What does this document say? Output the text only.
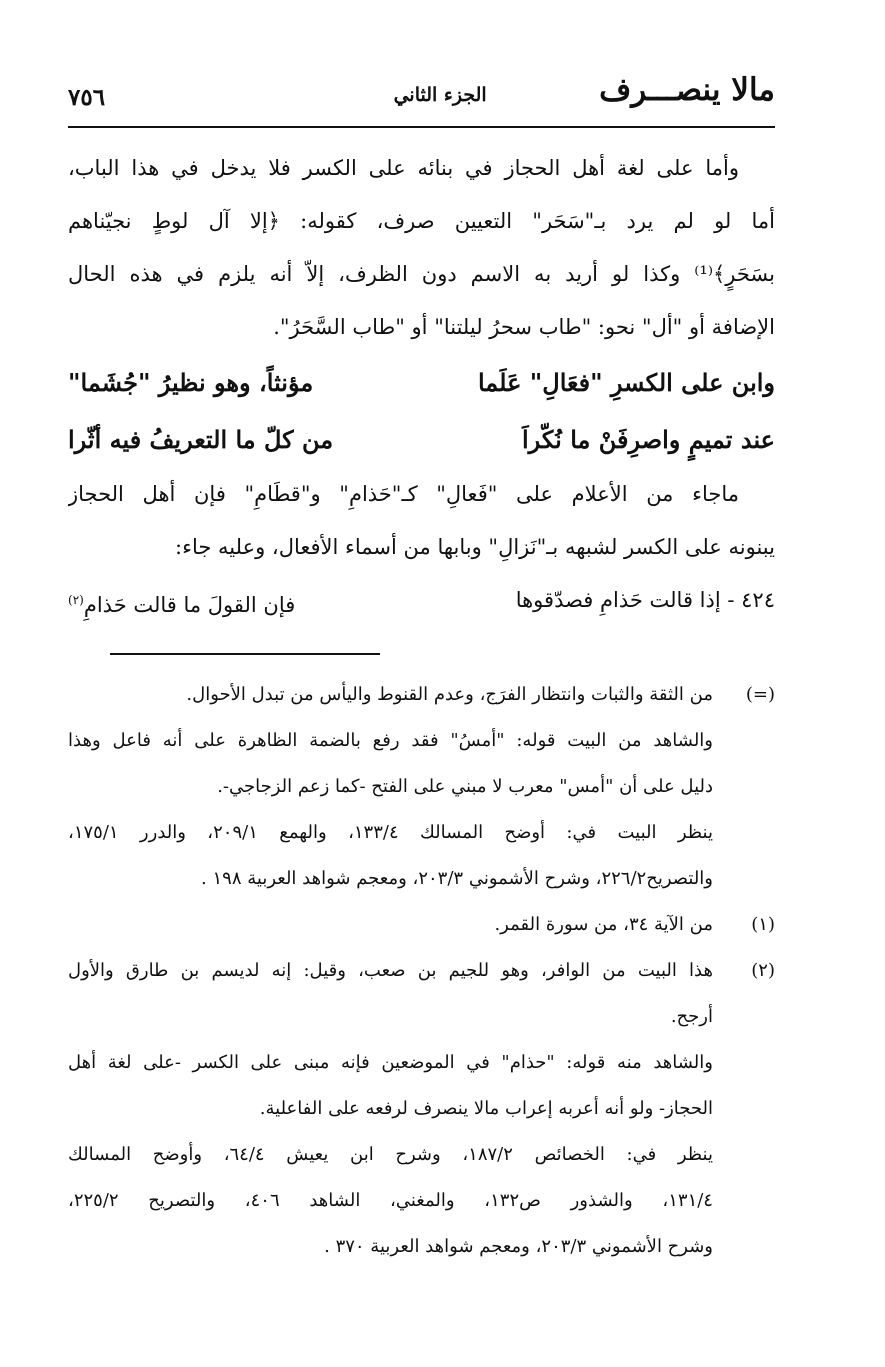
مالا ينصـــرف
الجزء الثاني
٧٥٦
وأما على لغة أهل الحجاز في بنائه على الكسر فلا يدخل في هذا الباب،
أما لو لم يرد بـ"سَحَر" التعيين صرف، كقوله: ﴿إلا آل لوطٍ نجيّناهم
بسَحَرٍ﴾⁽¹⁾ وكذا لو أريد به الاسم دون الظرف، إلاّ أنه يلزم في هذه الحال
الإضافة أو "أل" نحو: "طاب سحرُ ليلتنا" أو "طاب السَّحَرُ".
وابن على الكسرِ "فعَالِ" عَلَما
مؤنثاً، وهو نظيرُ "جُشَما"
عند تميمٍ واصرِفَنْ ما نُكّراَ
من كلّ ما التعريفُ فيه أثّرا
ماجاء من الأعلام على "فَعالِ" كـ"حَذامِ" و"قطَامِ" فإن أهل الحجاز
يبنونه على الكسر لشبهه بـ"نَزالِ" وبابها من أسماء الأفعال، وعليه جاء:
٤٢٤ - إذا قالت حَذامِ فصدّقوها
فإن القولَ ما قالت حَذامِ$^{(٢)}$
(=)
من الثقة والثبات وانتظار الفرَج، وعدم القنوط واليأس من تبدل الأحوال.
والشاهد من البيت قوله: "أمسُ" فقد رفع بالضمة الظاهرة على أنه فاعل وهذا
دليل على أن "أمس" معرب لا مبني على الفتح -كما زعم الزجاجي-.
ينظر البيت في: أوضح المسالك ١٣٣/٤، والهمع ٢٠٩/١، والدرر ١٧٥/١،
والتصريح٢٢٦/٢، وشرح الأشموني ٢٠٣/٣، ومعجم شواهد العربية ١٩٨ .
(١)
من الآية ٣٤، من سورة القمر.
(٢)
هذا البيت من الوافر، وهو للجيم بن صعب، وقيل: إنه لديسم بن طارق والأول
أرجح.
والشاهد منه قوله: "حذام" في الموضعين فإنه مبنى على الكسر -على لغة أهل
الحجاز- ولو أنه أعربه إعراب مالا ينصرف لرفعه على الفاعلية.
ينظر في: الخصائص ١٨٧/٢، وشرح ابن يعيش ٦٤/٤، وأوضح المسالك
١٣١/٤، والشذور ص١٣٢، والمغني، الشاهد ٤٠٦، والتصريح ٢٢٥/٢،
وشرح الأشموني ٢٠٣/٣، ومعجم شواهد العربية ٣٧٠ .
